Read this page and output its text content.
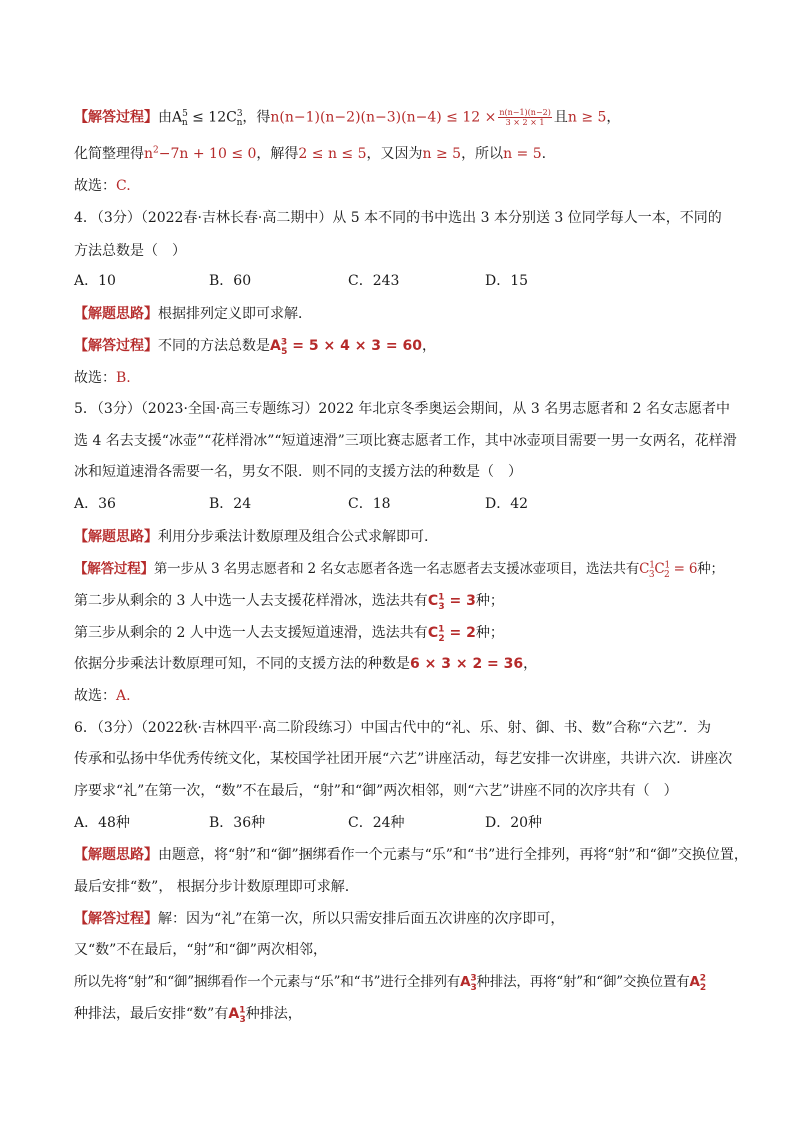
【解答过程】由$A^5_n \le 12C^3_n$，得$n(n-1)(n-2)(n-3)(n-4) \le 12 \times \frac{n(n-1)(n-2)}{3 \times 2 \times 1}$ 且n ≥ 5，
化简整理得$n^2-7n + 10 \le 0$，解得2 ≤ n ≤ 5，又因为n ≥ 5，所以n = 5.
故选：C.
4．（3分）（2022春·吉林长春·高二期中）从 5 本不同的书中选出 3 本分别送 3 位同学每人一本，不同的
方法总数是（　）
A．10	B．60	C．243	D．15
【解题思路】根据排列定义即可求解．
【解答过程】不同的方法总数是$A^3_5 = 5 \times 4 \times 3 = 60$，
故选：B.
5．（3分）（2023·全国·高三专题练习）2022 年北京冬季奥运会期间，从 3 名男志愿者和 2 名女志愿者中
选 4 名去支援“冰壶”“花样滑冰”“短道速滑”三项比赛志愿者工作，其中冰壶项目需要一男一女两名，花样滑
冰和短道速滑各需要一名，男女不限．则不同的支援方法的种数是（　）
A．36	B．24	C．18	D．42
【解题思路】利用分步乘法计数原理及组合公式求解即可.
【解答过程】第一步从 3 名男志愿者和 2 名女志愿者各选一名志愿者去支援冰壶项目，选法共有$C^1_3C^1_2 = 6$种；
第二步从剩余的 3 人中选一人去支援花样滑冰，选法共有$C^1_3 = 3$种；
第三步从剩余的 2 人中选一人去支援短道速滑，选法共有$C^1_2 = 2$种；
依据分步乘法计数原理可知，不同的支援方法的种数是6 × 3 × 2 = 36，
故选：A.
6．（3分）（2022秋·吉林四平·高二阶段练习）中国古代中的“礼、乐、射、御、书、数”合称“六艺”．为
传承和弘扬中华优秀传统文化，某校国学社团开展“六艺”讲座活动，每艺安排一次讲座，共讲六次．讲座次
序要求“礼”在第一次，“数”不在最后，“射”和“御”两次相邻，则“六艺”讲座不同的次序共有（　）
A．48种	B．36种	C．24种	D．20种
【解题思路】由题意，将“射”和“御”捆绑看作一个元素与“乐”和“书”进行全排列，再将“射”和“御”交换位置，
最后安排“数”， 根据分步计数原理即可求解.
【解答过程】解：因为“礼”在第一次，所以只需安排后面五次讲座的次序即可，
又“数”不在最后，“射”和“御”两次相邻，
所以先将“射”和“御”捆绑看作一个元素与“乐”和“书”进行全排列有$A^3_3$种排法，再将“射”和“御”交换位置有$A^2_2$
种排法，最后安排“数”有$A^1_3$种排法，
